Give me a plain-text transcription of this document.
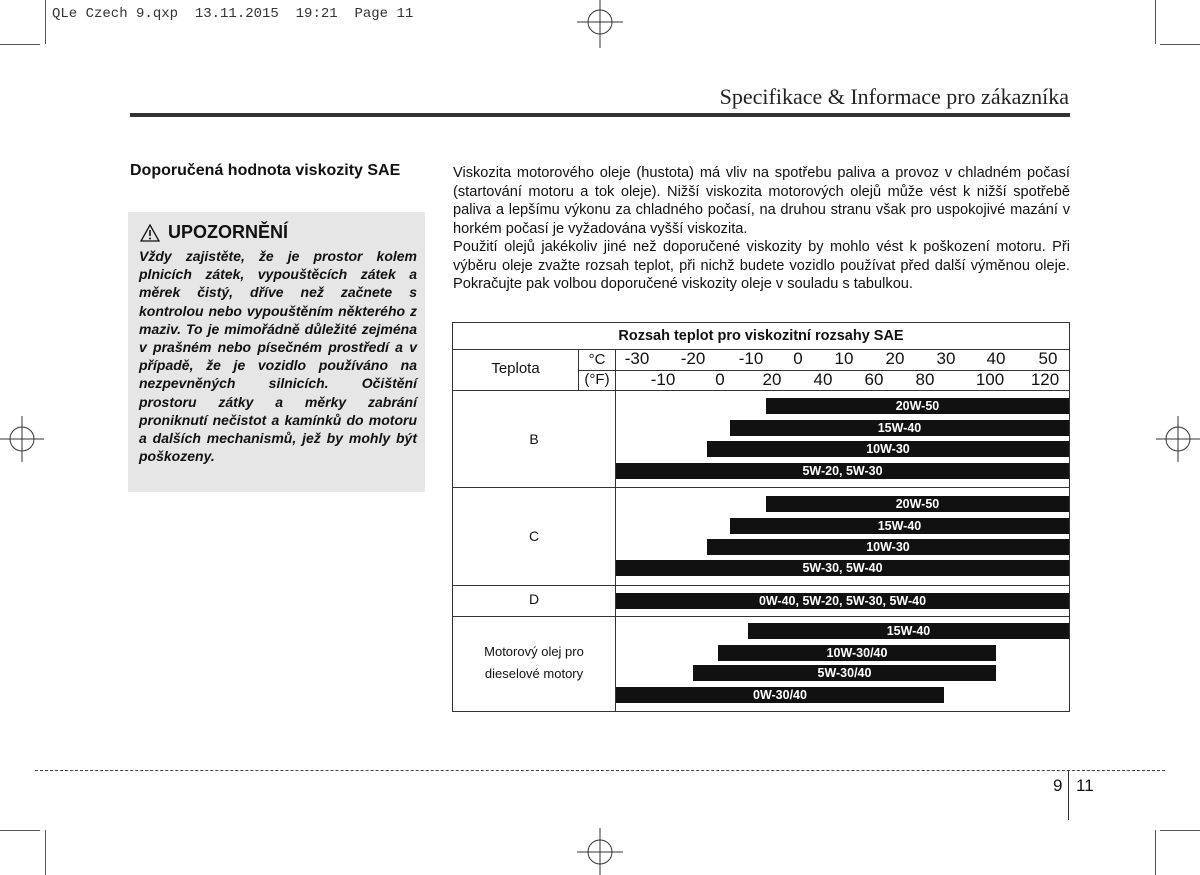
QLe Czech 9.qxp  13.11.2015  19:21  Page 11
Specifikace & Informace pro zákazníka
Doporučená hodnota viskozity SAE
UPOZORNĚNÍ
Vždy zajistěte, že je prostor kolem plnicích zátek, vypouštěcích zátek a měrek čistý, dříve než začnete s kontrolou nebo vypouštěním některého z maziv. To je mimořádně důležité zejména v prašném nebo písečném prostředí a v případě, že je vozidlo používáno na nezpevněných silnicích. Očištění prostoru zátky a měrky zabrání proniknutí nečistot a kamínků do motoru a dalších mechanismů, jež by mohly být poškozeny.

Viskozita motorového oleje (hustota) má vliv na spotřebu paliva a provoz v chladném počasí (startování motoru a tok oleje). Nižší viskozita motorových olejů může vést k nižší spotřebě paliva a lepšímu výkonu za chladného počasí, na druhou stranu však pro uspokojivé mazání v horkém počasí je vyžadována vyšší viskozita.

Použití olejů jakékoliv jiné než doporučené viskozity by mohlo vést k poškození motoru. Při výběru oleje zvažte rozsah teplot, při nichž budete vozidlo používat před další výměnou oleje. Pokračujte pak volbou doporučené viskozity oleje v souladu s tabulkou.

Rozsah teplot pro viskozitní rozsahy SAE
Teplota
°C
(°F)
-30 -20 -10 0 10 20 30 40 50
-10 0 20 40 60 80 100 120
B
20W-50
15W-40
10W-30
5W-20, 5W-30
C
20W-50
15W-40
10W-30
5W-30, 5W-40
D	0W-40, 5W-20, 5W-30, 5W-40
Motorový olej pro dieselové motory
15W-40
10W-30/40
5W-30/40
0W-30/40
9 11
